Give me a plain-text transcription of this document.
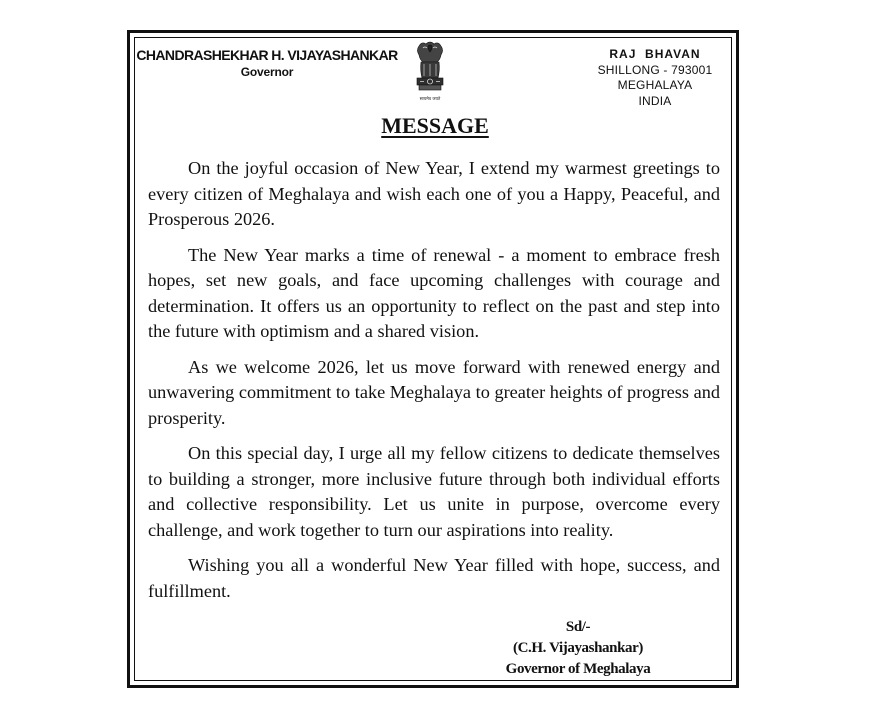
CHANDRASHEKHAR H. VIJAYASHANKAR
Governor
सत्यमेव जयते
RAJ  BHAVAN
SHILLONG - 793001
MEGHALAYA
INDIA
MESSAGE

On the joyful occasion of New Year, I extend my warmest greetings to every citizen of Meghalaya and wish each one of you a Happy, Peaceful, and Prosperous 2026.

The New Year marks a time of renewal - a moment to embrace fresh hopes, set new goals, and face upcoming challenges with courage and determination. It offers us an opportunity to reflect on the past and step into the future with optimism and a shared vision.

As we welcome 2026, let us move forward with renewed energy and unwavering commitment to take Meghalaya to greater heights of progress and prosperity.

On this special day, I urge all my fellow citizens to dedicate themselves to building a stronger, more inclusive future through both individual efforts and collective responsibility. Let us unite in purpose, overcome every challenge, and work together to turn our aspirations into reality.

Wishing you all a wonderful New Year filled with hope, success, and fulfillment.

Sd/-
(C.H. Vijayashankar)
Governor of Meghalaya
